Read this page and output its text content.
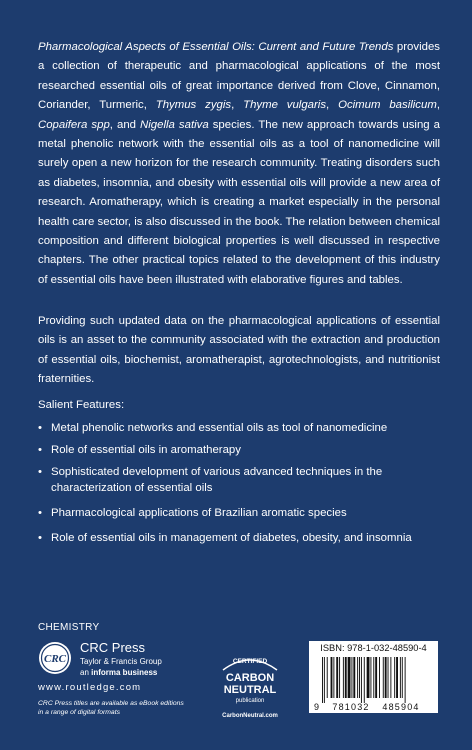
Pharmacological Aspects of Essential Oils: Current and Future Trends provides a collection of therapeutic and pharmacological applications of the most researched essential oils of great importance derived from Clove, Cinnamon, Coriander, Turmeric, Thymus zygis, Thyme vulgaris, Ocimum basilicum, Copaifera spp, and Nigella sativa species. The new approach towards using a metal phenolic network with the essential oils as a tool of nanomedicine will surely open a new horizon for the research community. Treating disorders such as diabetes, insomnia, and obesity with essential oils will provide a new area of research. Aromatherapy, which is creating a market especially in the personal health care sector, is also discussed in the book. The relation between chemical composition and different biological properties is well discussed in respective chapters. The other practical topics related to the development of this industry of essential oils have been illustrated with elaborative figures and tables.

Providing such updated data on the pharmacological applications of essential oils is an asset to the community associated with the extraction and production of essential oils, biochemist, aromatherapist, agrotechnologists, and nutritionist fraternities.

Salient Features:

• Metal phenolic networks and essential oils as tool of nanomedicine
• Role of essential oils in aromatherapy
• Sophisticated development of various advanced techniques in the characterization of essential oils
• Pharmacological applications of Brazilian aromatic species
• Role of essential oils in management of diabetes, obesity, and insomnia
CHEMISTRY
CRC
CRC Press
Taylor & Francis Group
an informa business
www.routledge.com
CRC Press titles are available as eBook editions
in a range of digital formats
CERTIFIED
CARBON
NEUTRAL
publication
CarbonNeutral.com
9 781032 485904
ISBN: 978-1-032-48590-4
